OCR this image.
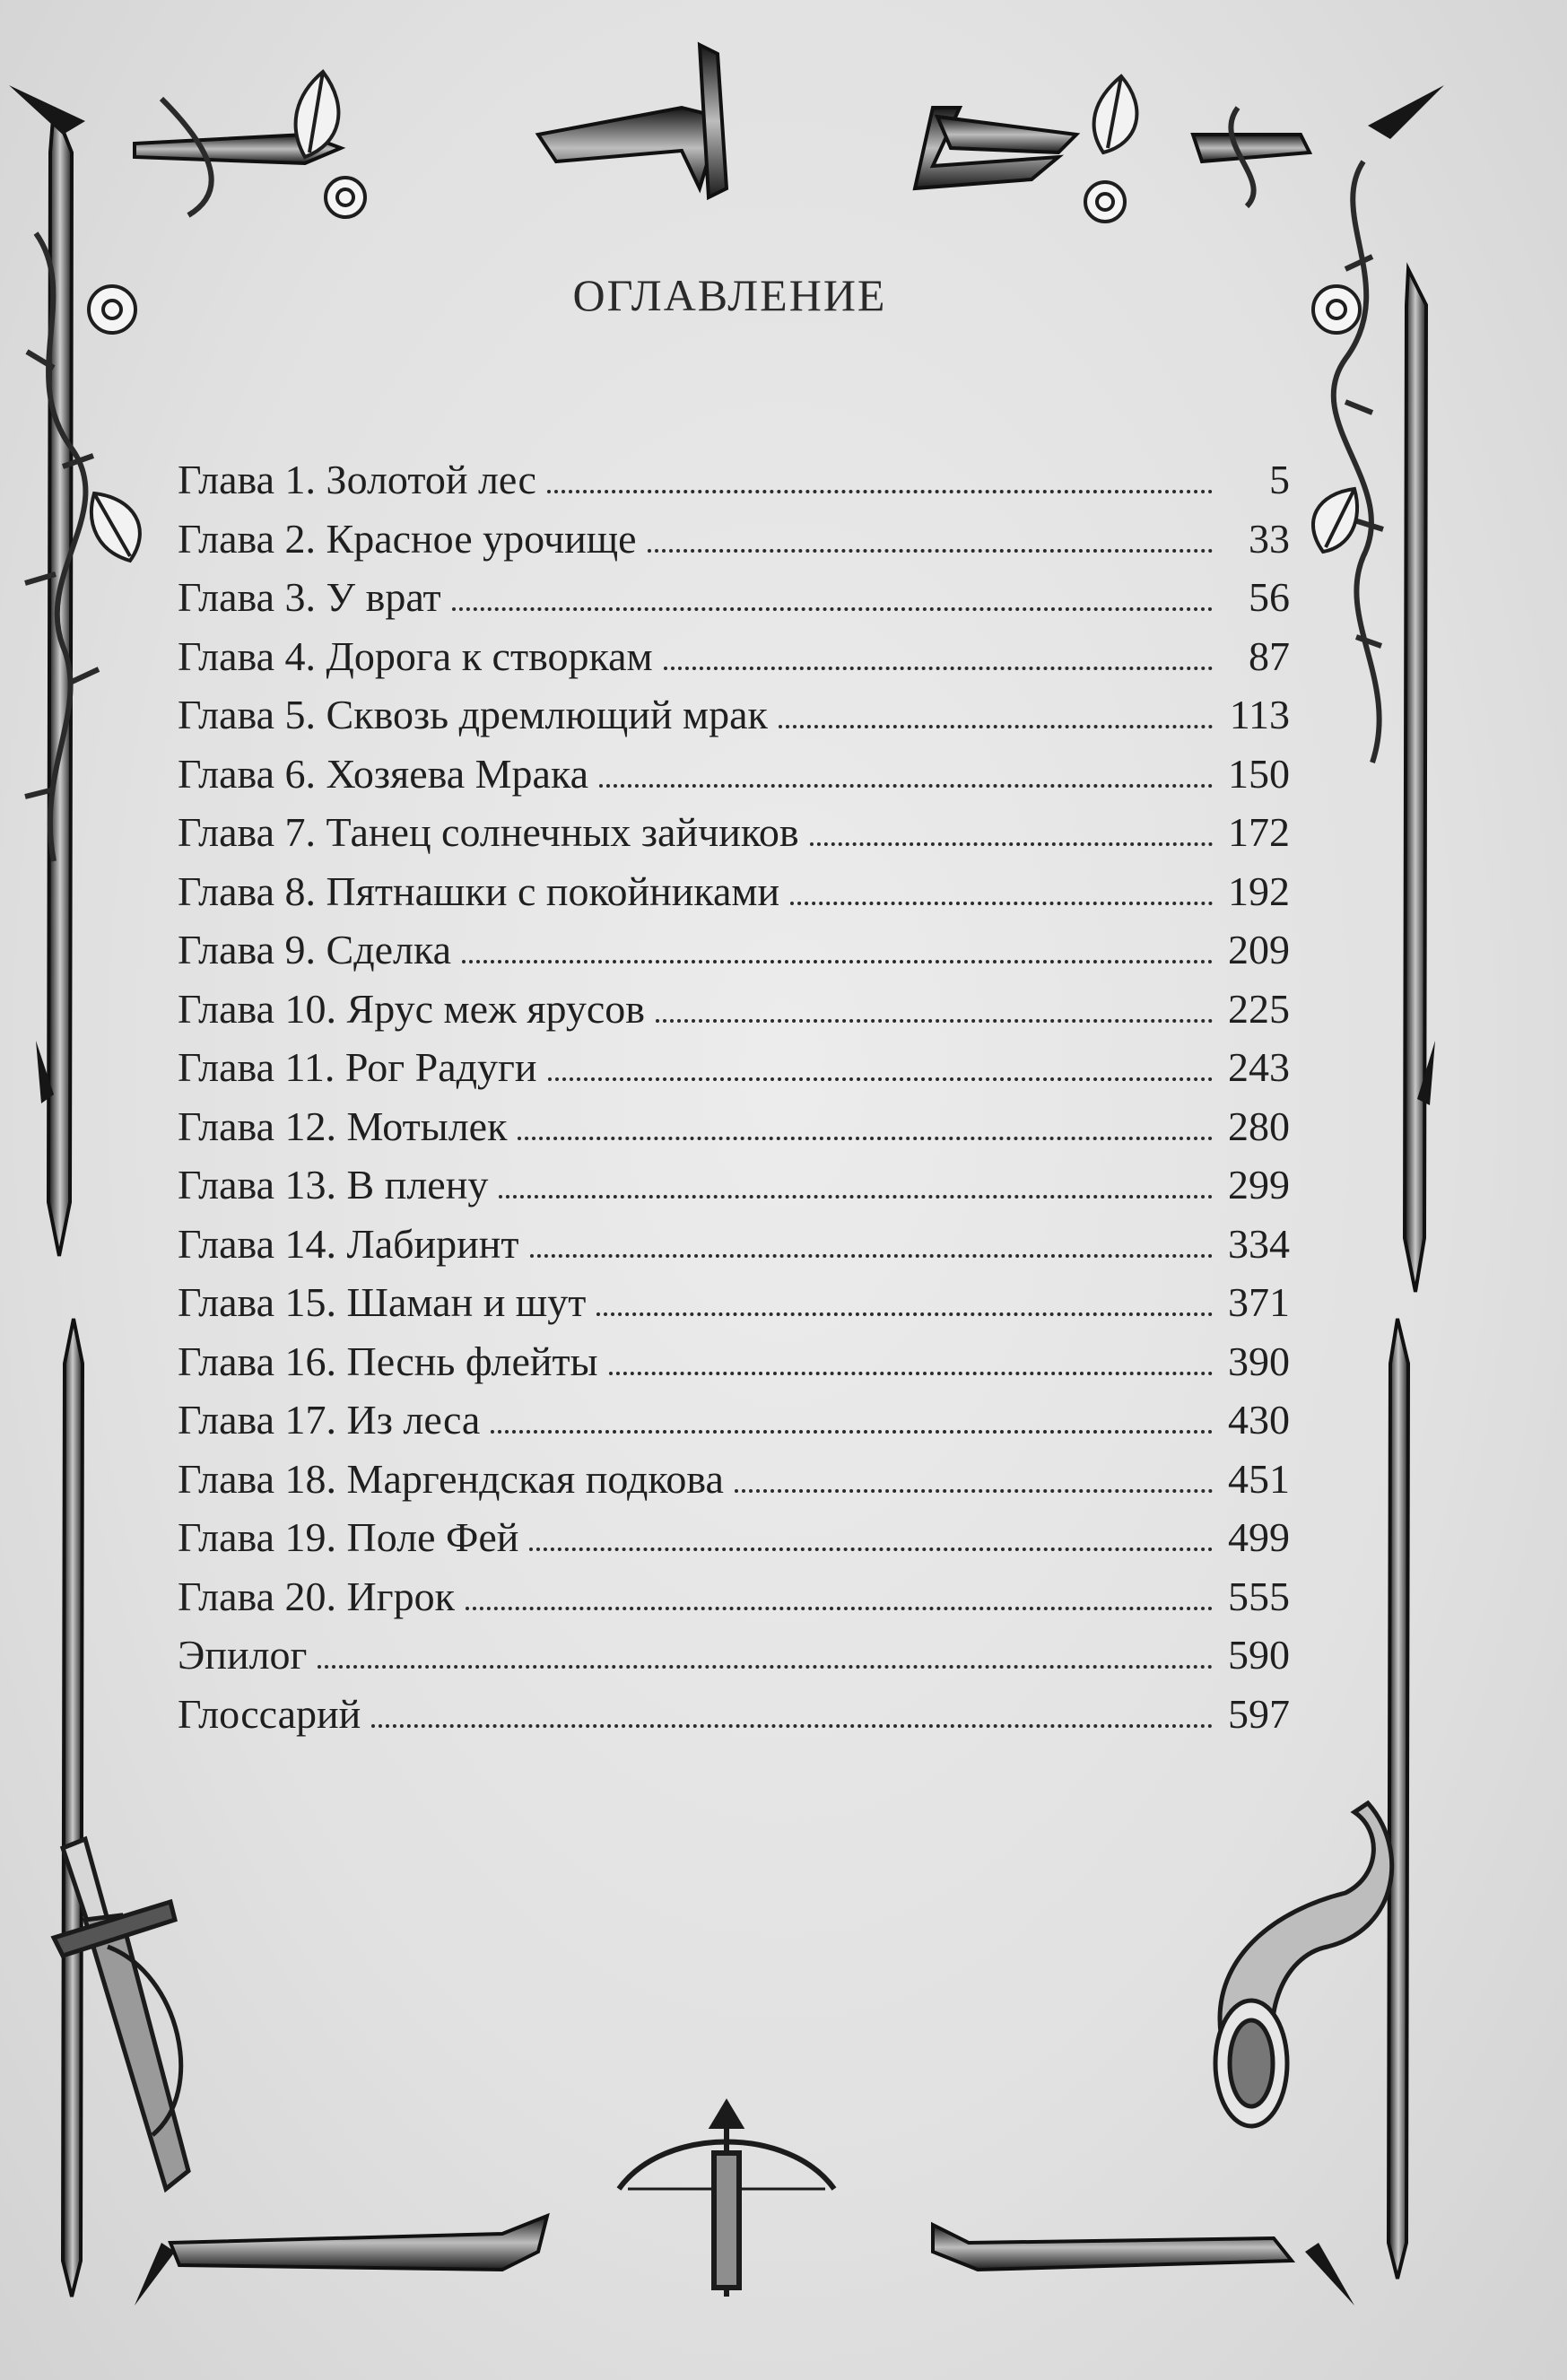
ОГЛАВЛЕНИЕ
Глава 1. Золотой лес	5
Глава 2. Красное урочище	33
Глава 3. У врат	56
Глава 4. Дорога к створкам	87
Глава 5. Сквозь дремлющий мрак	113
Глава 6. Хозяева Мрака	150
Глава 7. Танец солнечных зайчиков	172
Глава 8. Пятнашки с покойниками	192
Глава 9. Сделка	209
Глава 10. Ярус меж ярусов	225
Глава 11. Рог Радуги	243
Глава 12. Мотылек	280
Глава 13. В плену	299
Глава 14. Лабиринт	334
Глава 15. Шаман и шут	371
Глава 16. Песнь флейты	390
Глава 17. Из леса	430
Глава 18. Маргендская подкова	451
Глава 19. Поле Фей	499
Глава 20. Игрок	555
Эпилог	590
Глоссарий	597
